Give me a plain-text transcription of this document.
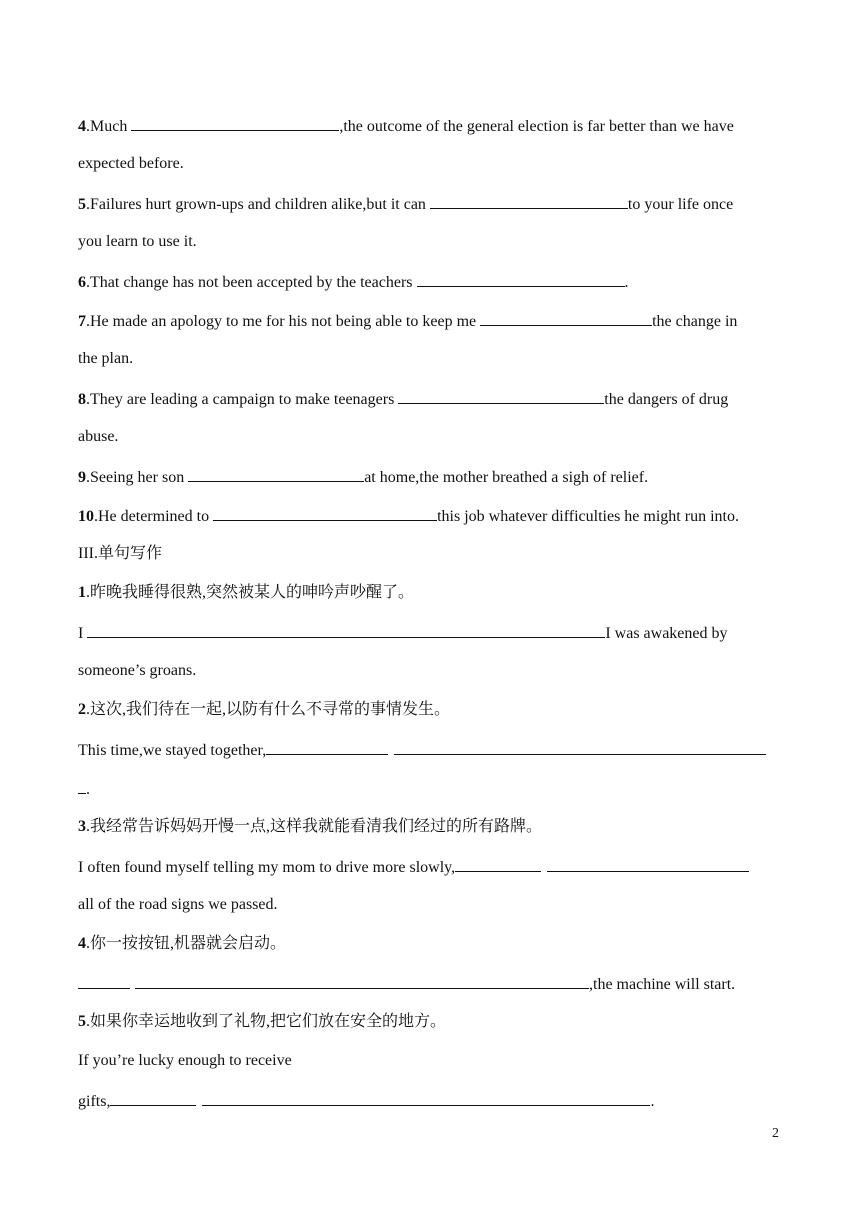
4.Much	,the outcome of the general election is far better than we have
expected before.
5.Failures hurt grown-ups and children alike,but it can	to your life once
you learn to use it.
6.That change has not been accepted by the teachers	.
7.He made an apology to me for his not being able to keep me	the change in
the plan.
8.They are leading a campaign to make teenagers	the dangers of drug
abuse.
9.Seeing her son	at home,the mother breathed a sigh of relief.
10.He determined to	this job whatever difficulties he might run into.
III.单句写作
1.昨晚我睡得很熟,突然被某人的呻吟声吵醒了。
I	I was awakened by
someone’s groans.
2.这次,我们待在一起,以防有什么不寻常的事情发生。
This time,we stayed together,
.
3.我经常告诉妈妈开慢一点,这样我就能看清我们经过的所有路牌。
I often found myself telling my mom to drive more slowly,
all of the road signs we passed.
4.你一按按钮,机器就会启动。
,the machine will start.
5.如果你幸运地收到了礼物,把它们放在安全的地方。
If you’re lucky enough to receive
gifts,	.
2
